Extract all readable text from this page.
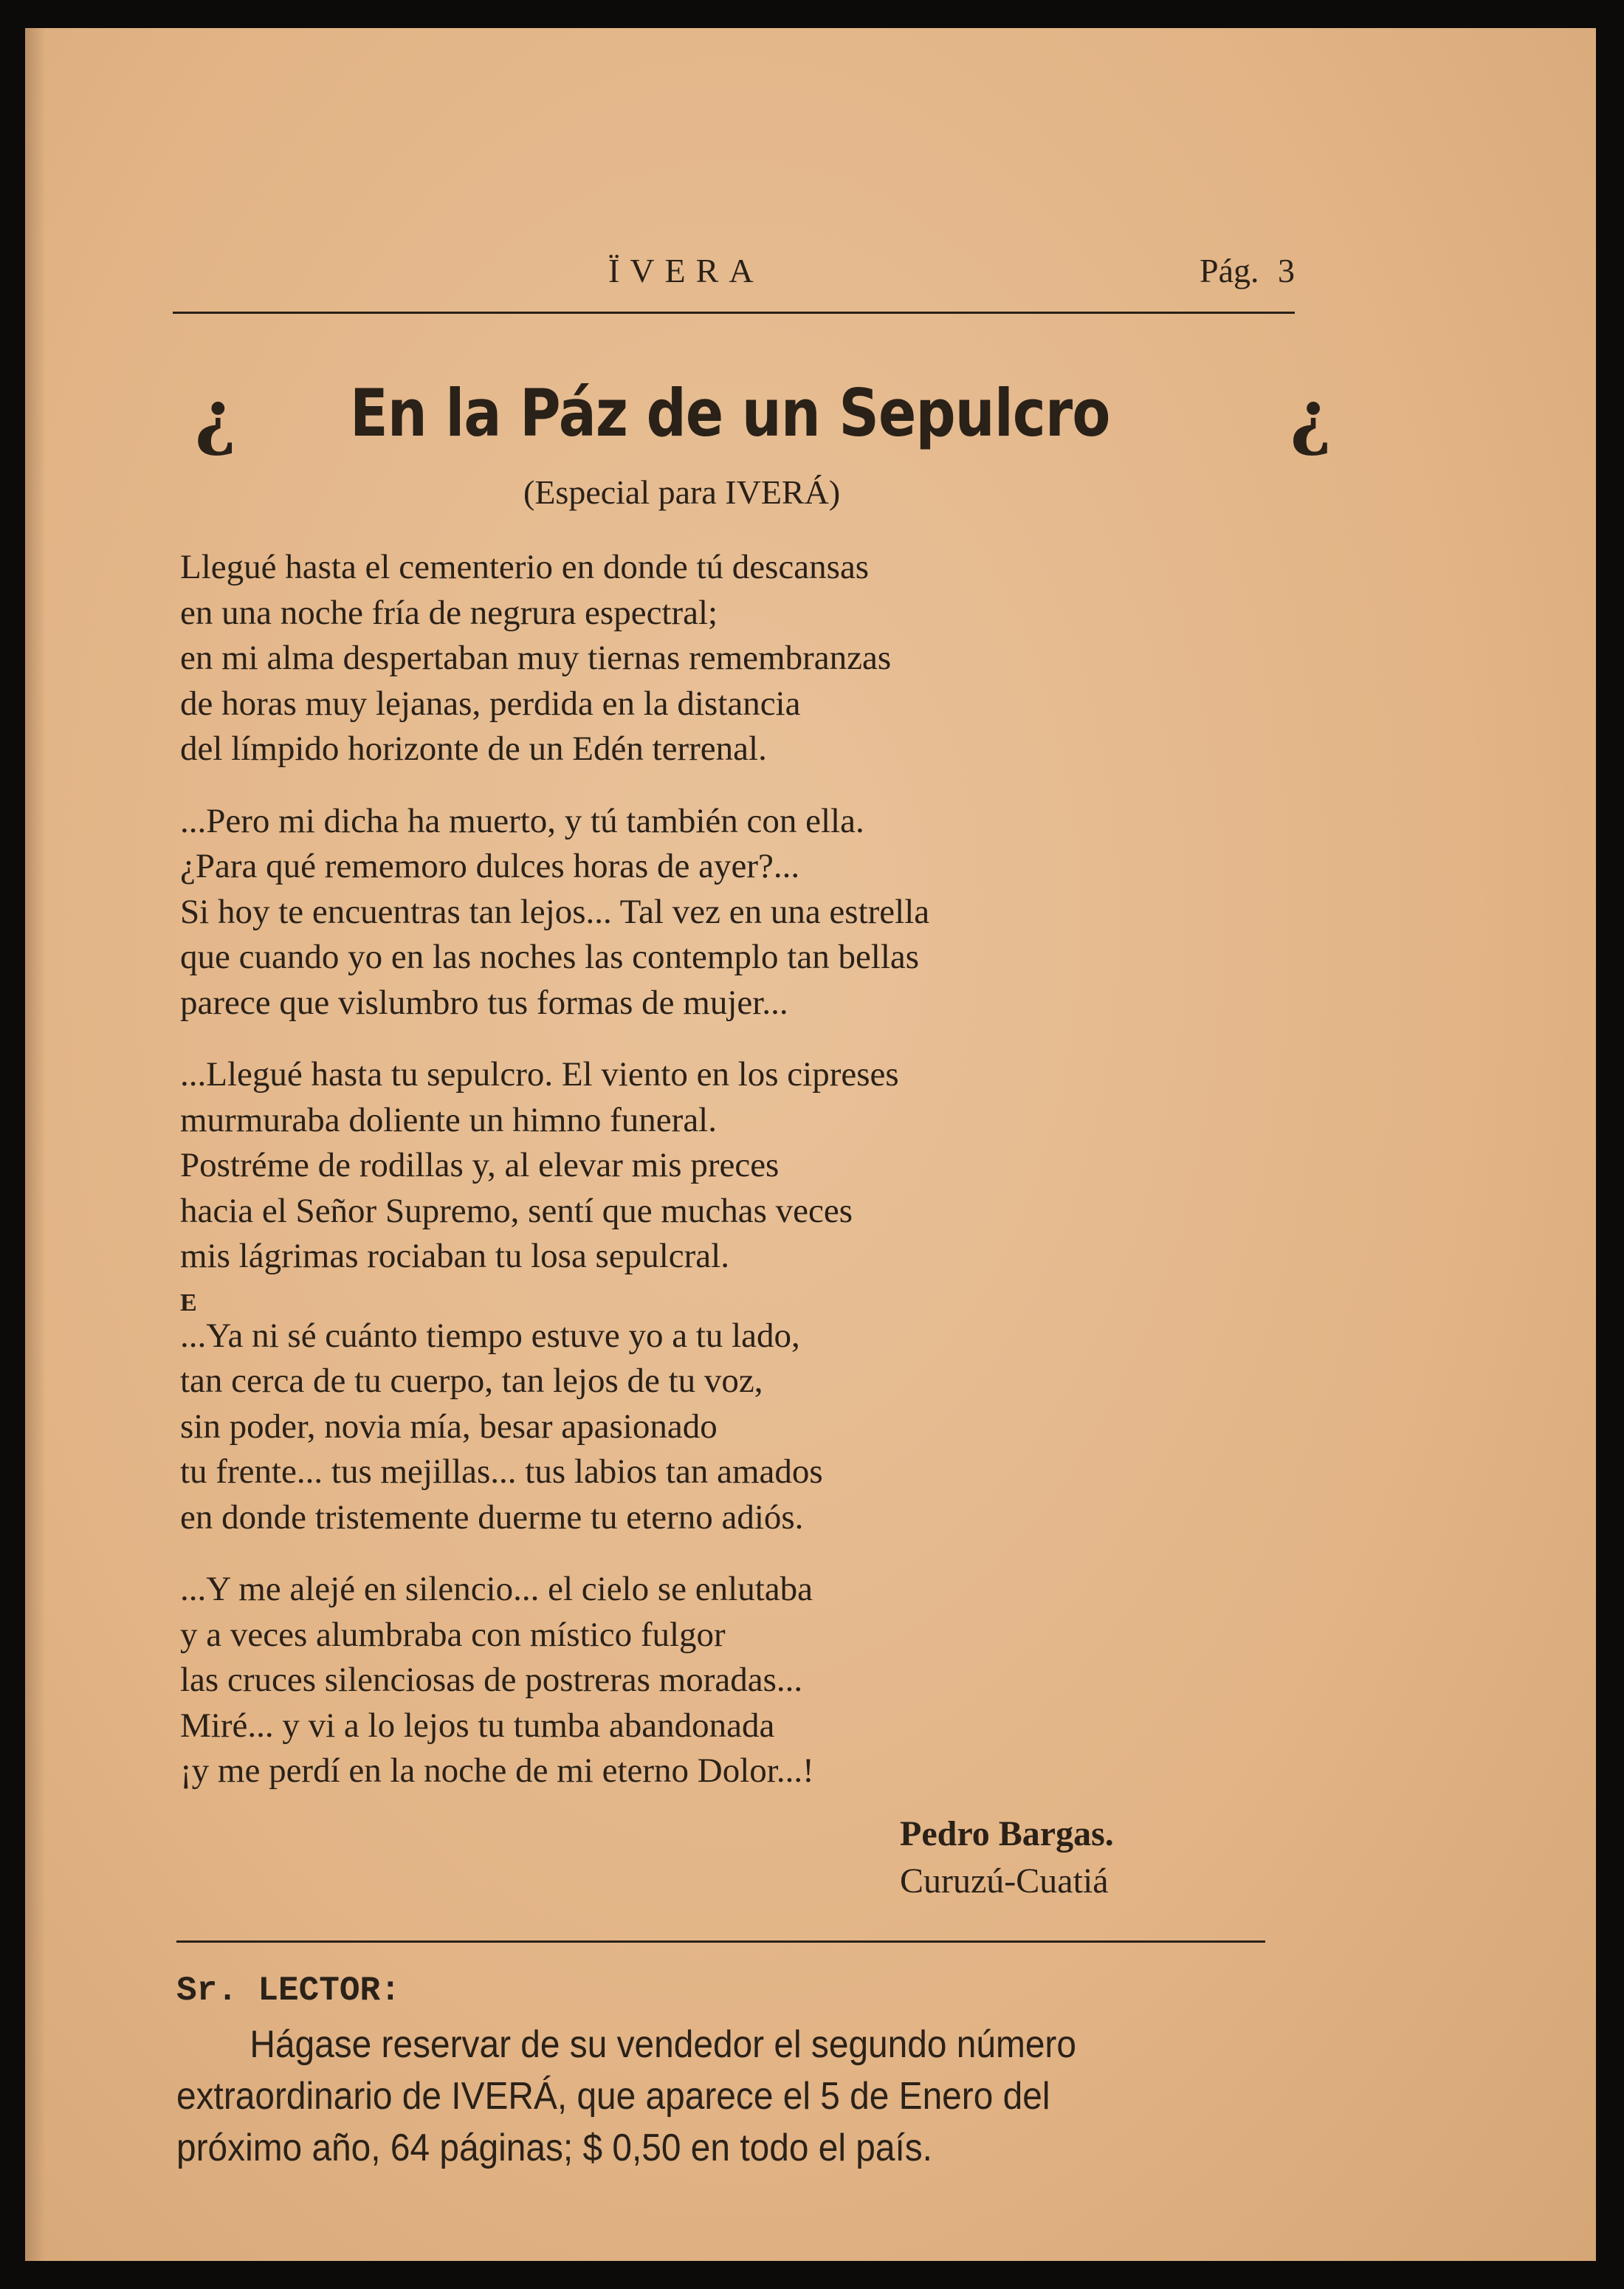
ÏVERA	Pág. 3
¿ En la Páz de un Sepulcro	¿
(Especial para IVERÁ)
Llegué hasta el cementerio en donde tú descansas
en una noche fría de negrura espectral;
en mi alma despertaban muy tiernas remembranzas
de horas muy lejanas, perdida en la distancia
del límpido horizonte de un Edén terrenal.
...Pero mi dicha ha muerto, y tú también con ella.
¿Para qué rememoro dulces horas de ayer?...
Si hoy te encuentras tan lejos... Tal vez en una estrella
que cuando yo en las noches las contemplo tan bellas
parece que vislumbro tus formas de mujer...
...Llegué hasta tu sepulcro. El viento en los cipreses
murmuraba doliente un himno funeral.
Postréme de rodillas y, al elevar mis preces
hacia el Señor Supremo, sentí que muchas veces
mis lágrimas rociaban tu losa sepulcral.
E
...Ya ni sé cuánto tiempo estuve yo a tu lado,
tan cerca de tu cuerpo, tan lejos de tu voz,
sin poder, novia mía, besar apasionado
tu frente... tus mejillas... tus labios tan amados
en donde tristemente duerme tu eterno adiós.
...Y me alejé en silencio... el cielo se enlutaba
y a veces alumbraba con místico fulgor
las cruces silenciosas de postreras moradas...
Miré... y vi a lo lejos tu tumba abandonada
¡y me perdí en la noche de mi eterno Dolor...!
Pedro Bargas.
Curuzú-Cuatiá
Sr. LECTOR:
Hágase reservar de su vendedor el segundo número
extraordinario de IVERÁ, que aparece el 5 de Enero del
próximo año, 64 páginas; $ 0,50 en todo el país.
